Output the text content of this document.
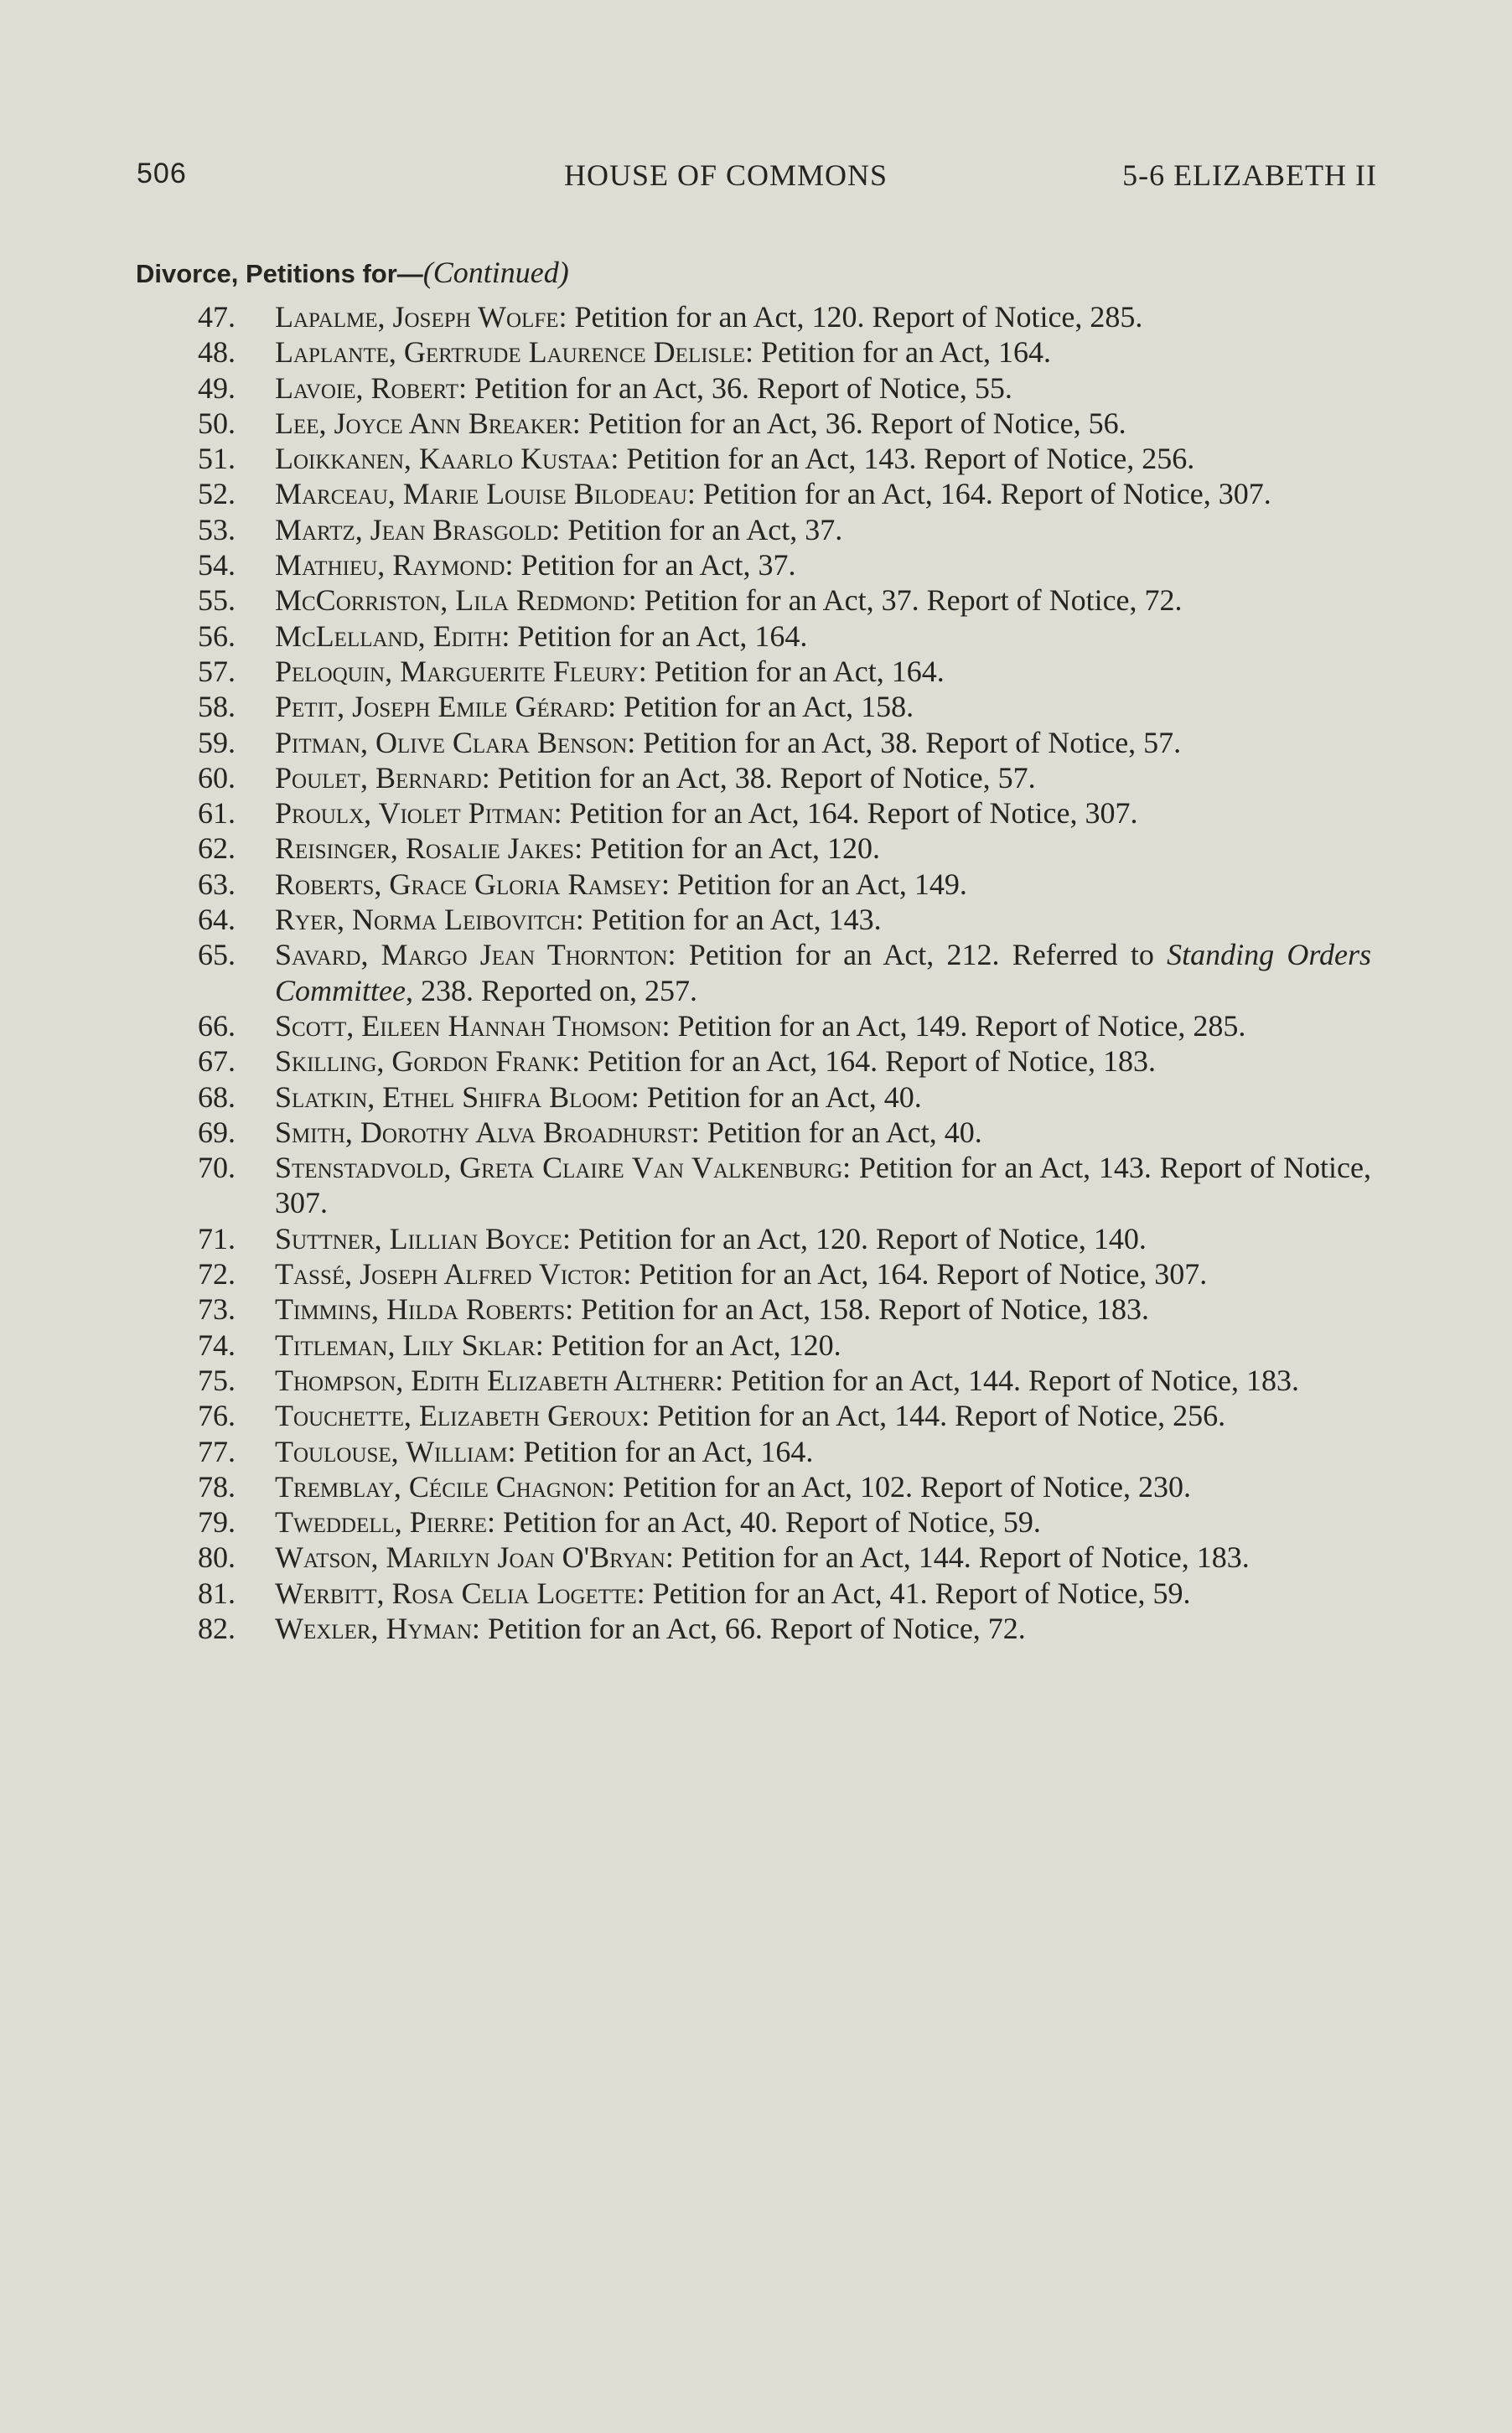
506	HOUSE OF COMMONS	5-6 ELIZABETH II
Divorce, Petitions for—(Continued)
47. Lapalme, Joseph Wolfe: Petition for an Act, 120. Report of Notice, 285.
48. Laplante, Gertrude Laurence Delisle: Petition for an Act, 164.
49. Lavoie, Robert: Petition for an Act, 36. Report of Notice, 55.
50. Lee, Joyce Ann Breaker: Petition for an Act, 36. Report of Notice, 56.
51. Loikkanen, Kaarlo Kustaa: Petition for an Act, 143. Report of Notice, 256.
52. Marceau, Marie Louise Bilodeau: Petition for an Act, 164. Report of Notice, 307.
53. Martz, Jean Brasgold: Petition for an Act, 37.
54. Mathieu, Raymond: Petition for an Act, 37.
55. McCorriston, Lila Redmond: Petition for an Act, 37. Report of Notice, 72.
56. McLelland, Edith: Petition for an Act, 164.
57. Peloquin, Marguerite Fleury: Petition for an Act, 164.
58. Petit, Joseph Emile Gérard: Petition for an Act, 158.
59. Pitman, Olive Clara Benson: Petition for an Act, 38. Report of Notice, 57.
60. Poulet, Bernard: Petition for an Act, 38. Report of Notice, 57.
61. Proulx, Violet Pitman: Petition for an Act, 164. Report of Notice, 307.
62. Reisinger, Rosalie Jakes: Petition for an Act, 120.
63. Roberts, Grace Gloria Ramsey: Petition for an Act, 149.
64. Ryer, Norma Leibovitch: Petition for an Act, 143.
65. Savard, Margo Jean Thornton: Petition for an Act, 212. Referred to Standing Orders Committee, 238. Reported on, 257.
66. Scott, Eileen Hannah Thomson: Petition for an Act, 149. Report of Notice, 285.
67. Skilling, Gordon Frank: Petition for an Act, 164. Report of Notice, 183.
68. Slatkin, Ethel Shifra Bloom: Petition for an Act, 40.
69. Smith, Dorothy Alva Broadhurst: Petition for an Act, 40.
70. Stenstadvold, Greta Claire Van Valkenburg: Petition for an Act, 143. Report of Notice, 307.
71. Suttner, Lillian Boyce: Petition for an Act, 120. Report of Notice, 140.
72. Tassé, Joseph Alfred Victor: Petition for an Act, 164. Report of Notice, 307.
73. Timmins, Hilda Roberts: Petition for an Act, 158. Report of Notice, 183.
74. Titleman, Lily Sklar: Petition for an Act, 120.
75. Thompson, Edith Elizabeth Altherr: Petition for an Act, 144. Report of Notice, 183.
76. Touchette, Elizabeth Geroux: Petition for an Act, 144. Report of Notice, 256.
77. Toulouse, William: Petition for an Act, 164.
78. Tremblay, Cécile Chagnon: Petition for an Act, 102. Report of Notice, 230.
79. Tweddell, Pierre: Petition for an Act, 40. Report of Notice, 59.
80. Watson, Marilyn Joan O'Bryan: Petition for an Act, 144. Report of Notice, 183.
81. Werbitt, Rosa Celia Logette: Petition for an Act, 41. Report of Notice, 59.
82. Wexler, Hyman: Petition for an Act, 66. Report of Notice, 72.
